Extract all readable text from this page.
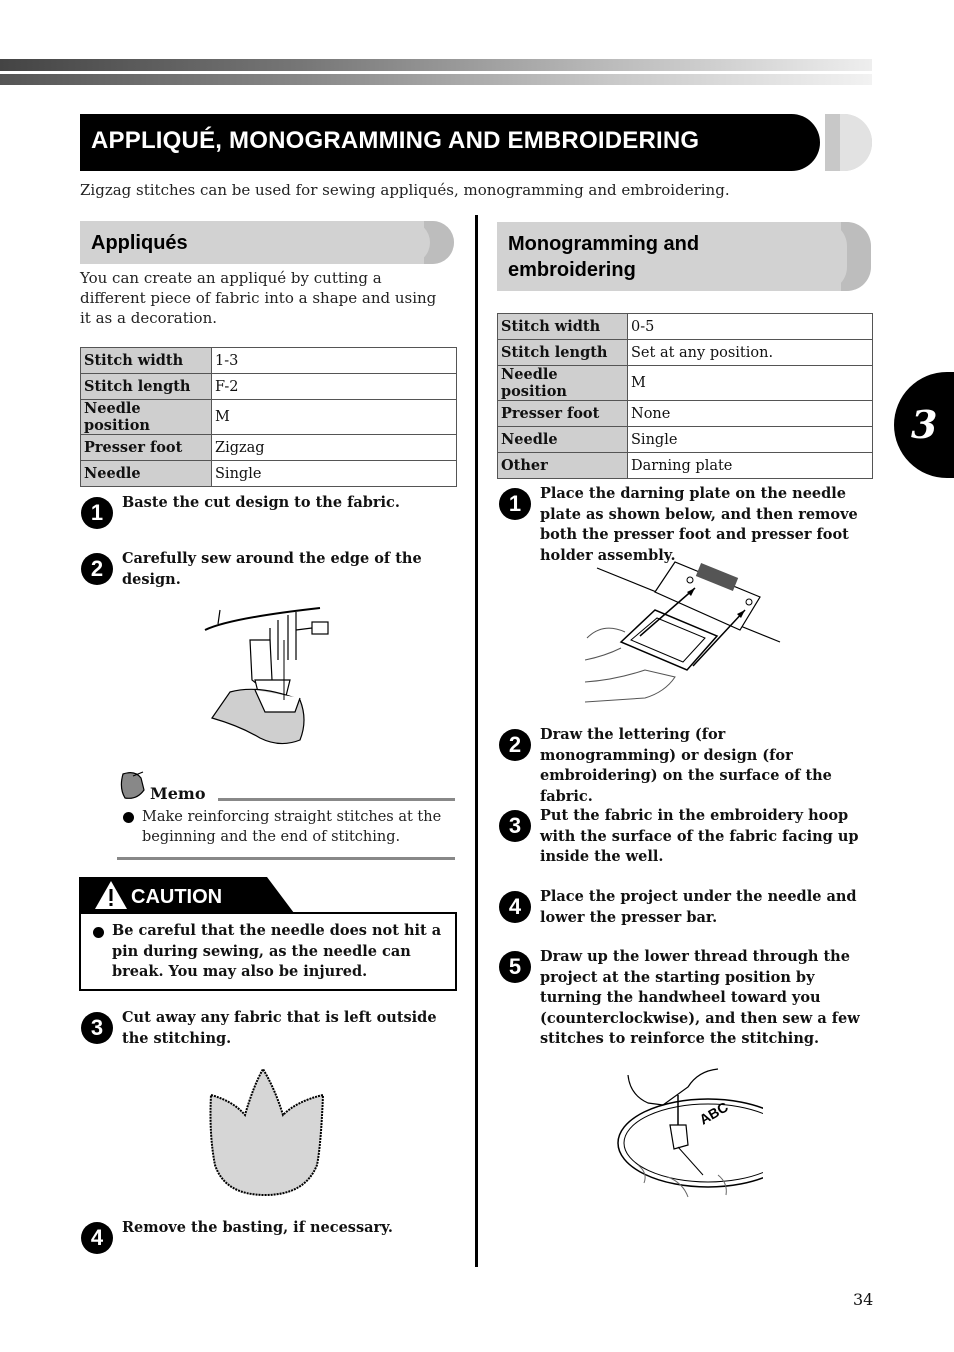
APPLIQUÉ, MONOGRAMMING AND EMBROIDERING
Zigzag stitches can be used for sewing appliqués, monogramming and embroidering.
Appliqués
You can create an appliqué by cutting a different piece of fabric into a shape and using it as a decoration.
Stitch width	1-3
Stitch length	F-2
Needle position	M
Presser foot	Zigzag
Needle	Single
1	Baste the cut design to the fabric.
2	Carefully sew around the edge of the design.
Memo
Make reinforcing straight stitches at the beginning and the end of stitching.
CAUTION
Be careful that the needle does not hit a pin during sewing, as the needle can break. You may also be injured.
3	Cut away any fabric that is left outside the stitching.
4	Remove the basting, if necessary.
Monogramming and
embroidering
Stitch width	0-5
Stitch length	Set at any position.
Needle position	M
Presser foot	None
Needle	Single
Other	Darning plate
1	Place the darning plate on the needle plate as shown below, and then remove both the presser foot and presser foot holder assembly.
2	Draw the lettering (for monogramming) or design (for embroidering) on the surface of the fabric.
3	Put the fabric in the embroidery hoop with the surface of the fabric facing up inside the well.
4	Place the project under the needle and lower the presser bar.
5	Draw up the lower thread through the project at the starting position by turning the handwheel toward you (counterclockwise), and then sew a few stitches to reinforce the stitching.
ABC
3
34
